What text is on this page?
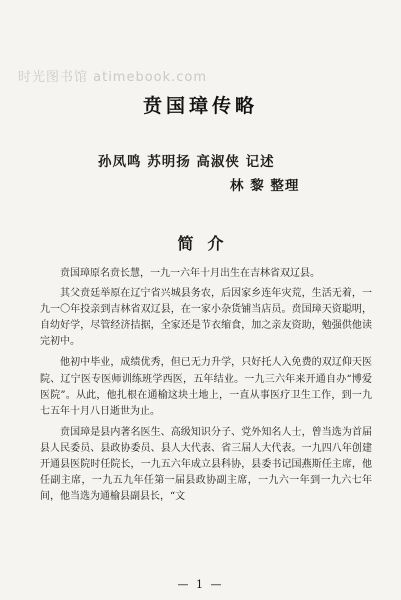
时光图书馆 atimebook.com
贲国璋传略
孙凤鸣 苏明扬 高淑侠 记述
林 黎 整理
简介

贲国璋原名贲长慧，一九一六年十月出生在吉林省双辽县。

其父贲廷举原在辽宁省兴城县务农，后因家乡连年灾荒，生活无着，一九一〇年投亲到吉林省双辽县，在一家小杂货铺当店员。贲国璋天资聪明，自幼好学，尽管经济拮据，全家还是节衣缩食，加之亲友资助，勉强供他读完初中。

他初中毕业，成绩优秀，但已无力升学，只好托人入免费的双辽仰天医院、辽宁医专医师训练班学西医，五年结业。一九三六年来开通自办“博爱医院”。从此，他扎根在通榆这块土地上，一直从事医疗卫生工作，到一九七五年十月八日逝世为止。

贲国璋是县内著名医生、高级知识分子、党外知名人士，曾当选为首届县人民委员、县政协委员、县人大代表、省三届人大代表。一九四八年创建开通县医院时任院长，一九五六年成立县科协，县委书记国燕斯任主席，他任副主席，一九五九年任第一届县政协副主席，一九六一年到一九六七年间，他当选为通榆县副县长，“文

— 1 —
